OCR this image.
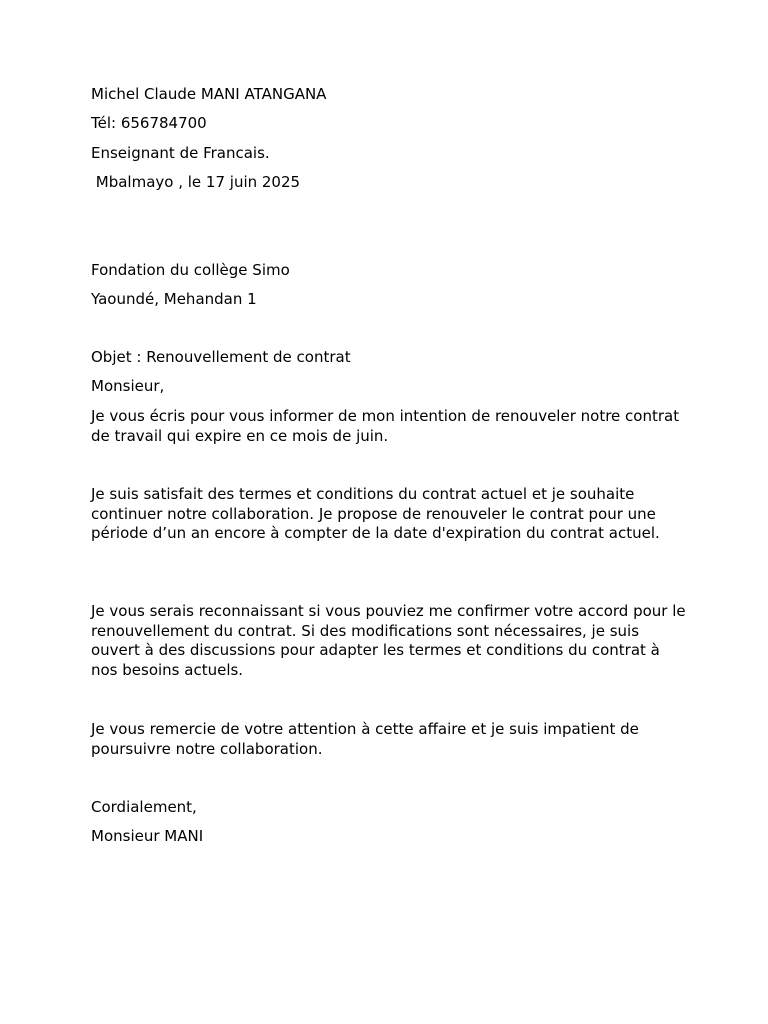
Michel Claude MANI ATANGANA

Tél: 656784700

Enseignant de Francais.

Mbalmayo , le 17 juin 2025

Fondation du collège Simo

Yaoundé, Mehandan 1

Objet : Renouvellement de contrat

Monsieur,

Je vous écris pour vous informer de mon intention de renouveler notre contrat de travail qui expire en ce mois de juin.

Je suis satisfait des termes et conditions du contrat actuel et je souhaite continuer notre collaboration. Je propose de renouveler le contrat pour une période d’un an encore à compter de la date d'expiration du contrat actuel.

Je vous serais reconnaissant si vous pouviez me confirmer votre accord pour le renouvellement du contrat. Si des modifications sont nécessaires, je suis ouvert à des discussions pour adapter les termes et conditions du contrat à nos besoins actuels.

Je vous remercie de votre attention à cette affaire et je suis impatient de poursuivre notre collaboration.

Cordialement,

Monsieur MANI
